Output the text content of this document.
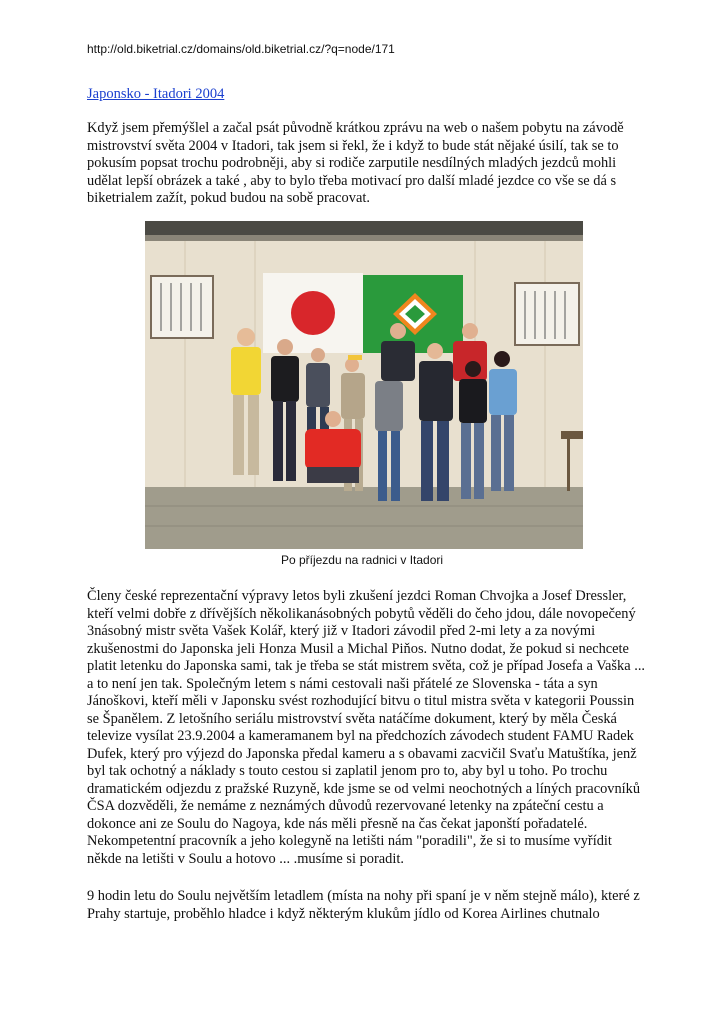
http://old.biketrial.cz/domains/old.biketrial.cz/?q=node/171
Japonsko - Itadori 2004

Když jsem přemýšlel a začal psát původně krátkou zprávu na web o našem pobytu na závodě mistrovství světa 2004 v Itadori, tak jsem si řekl, že i když to bude stát nějaké úsilí, tak se to pokusím popsat trochu podrobněji, aby si rodiče zarputile nesdílných mladých jezdců mohli udělat lepší obrázek a také , aby to bylo třeba motivací pro další mladé jezdce co vše se dá s biketrialem zažít, pokud budou na sobě pracovat.

Po příjezdu na radnici v Itadori

Členy české reprezentační výpravy letos byli zkušení jezdci Roman Chvojka a Josef Dressler, kteří velmi dobře z dřívějších několikanásobných pobytů věděli do čeho jdou, dále novopečený 3násobný mistr světa Vašek Kolář, který již v Itadori závodil před 2-mi lety a za novými zkušenostmi do Japonska jeli Honza Musil a Michal Piňos. Nutno dodat, že pokud si nechcete platit letenku do Japonska sami, tak je třeba se stát mistrem světa, což je případ Josefa a Vaška ... a to není jen tak. Společným letem s námi cestovali naši přátelé ze Slovenska - táta a syn Jánoškovi, kteří měli v Japonsku svést rozhodující bitvu o titul mistra světa v kategorii Poussin se Španělem. Z letošního seriálu mistrovství světa natáčíme dokument, který by měla Česká televize vysílat 23.9.2004 a kameramanem byl na předchozích závodech student FAMU Radek Dufek, který pro výjezd do Japonska předal kameru a s obavami zacvičil Svaťu Matuštíka, jenž byl tak ochotný a náklady s touto cestou si zaplatil jenom pro to, aby byl u toho. Po trochu dramatickém odjezdu z pražské Ruzyně, kde jsme se od velmi neochotných a líných pracovníků ČSA dozvěděli, že nemáme z neznámých důvodů rezervované letenky na zpáteční cestu a dokonce ani ze Soulu do Nagoya, kde nás měli přesně na čas čekat japonští pořadatelé. Nekompetentní pracovník a jeho kolegyně na letišti nám "poradili", že si to musíme vyřídit někde na letišti v Soulu a hotovo ... .musíme si poradit.

9 hodin letu do Soulu největším letadlem (místa na nohy při spaní je v něm stejně málo), které z Prahy startuje, proběhlo hladce i když některým klukům jídlo od Korea Airlines chutnalo
